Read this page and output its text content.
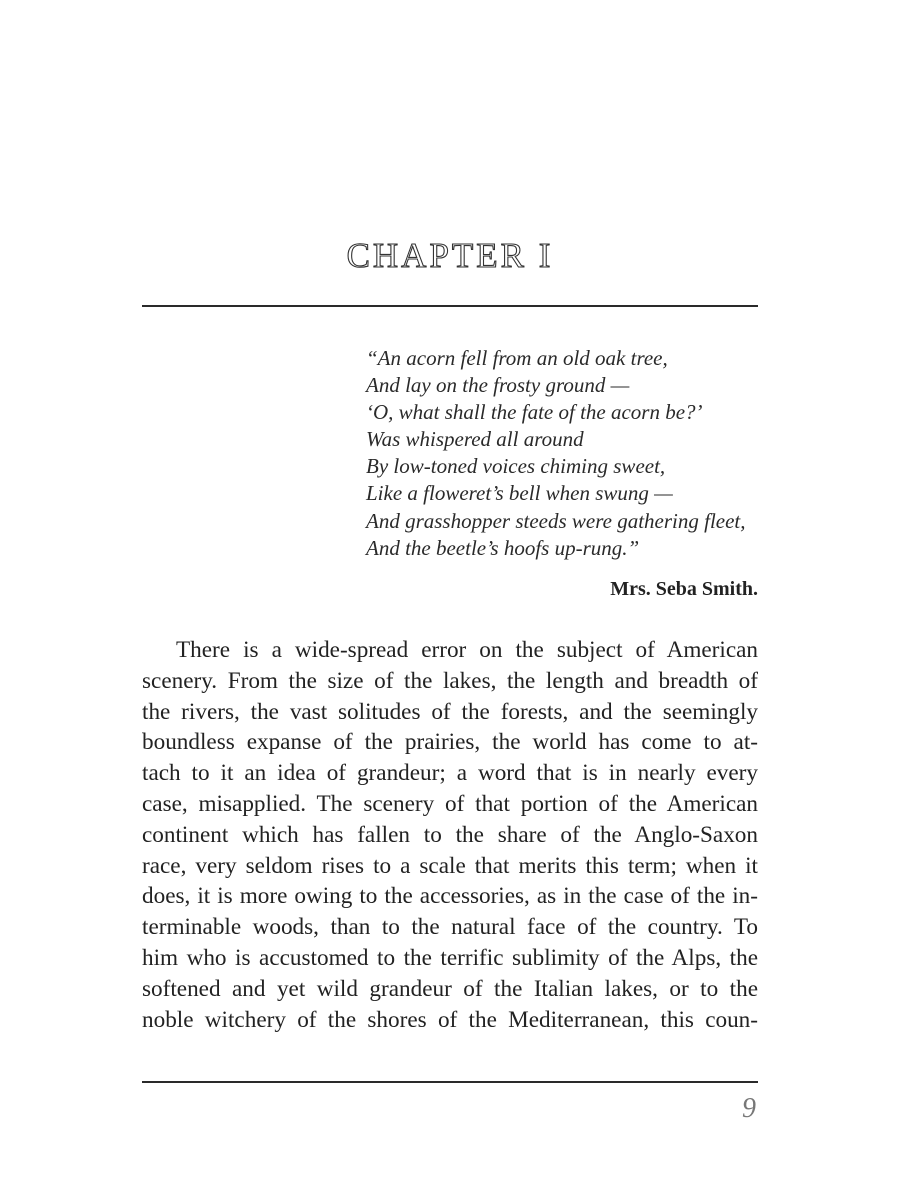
CHAPTER I
“An acorn fell from an old oak tree,
And lay on the frosty ground —
‘O, what shall the fate of the acorn be?’
Was whispered all around
By low-toned voices chiming sweet,
Like a floweret’s bell when swung —
And grasshopper steeds were gathering fleet,
And the beetle’s hoofs up-rung.”
Mrs. Seba Smith.
There is a wide-spread error on the subject of American
scenery. From the size of the lakes, the length and breadth of
the rivers, the vast solitudes of the forests, and the seemingly
boundless expanse of the prairies, the world has come to at-
tach to it an idea of grandeur; a word that is in nearly every
case, misapplied. The scenery of that portion of the American
continent which has fallen to the share of the Anglo-Saxon
race, very seldom rises to a scale that merits this term; when it
does, it is more owing to the accessories, as in the case of the in-
terminable woods, than to the natural face of the country. To
him who is accustomed to the terrific sublimity of the Alps, the
softened and yet wild grandeur of the Italian lakes, or to the
noble witchery of the shores of the Mediterranean, this coun-
9
